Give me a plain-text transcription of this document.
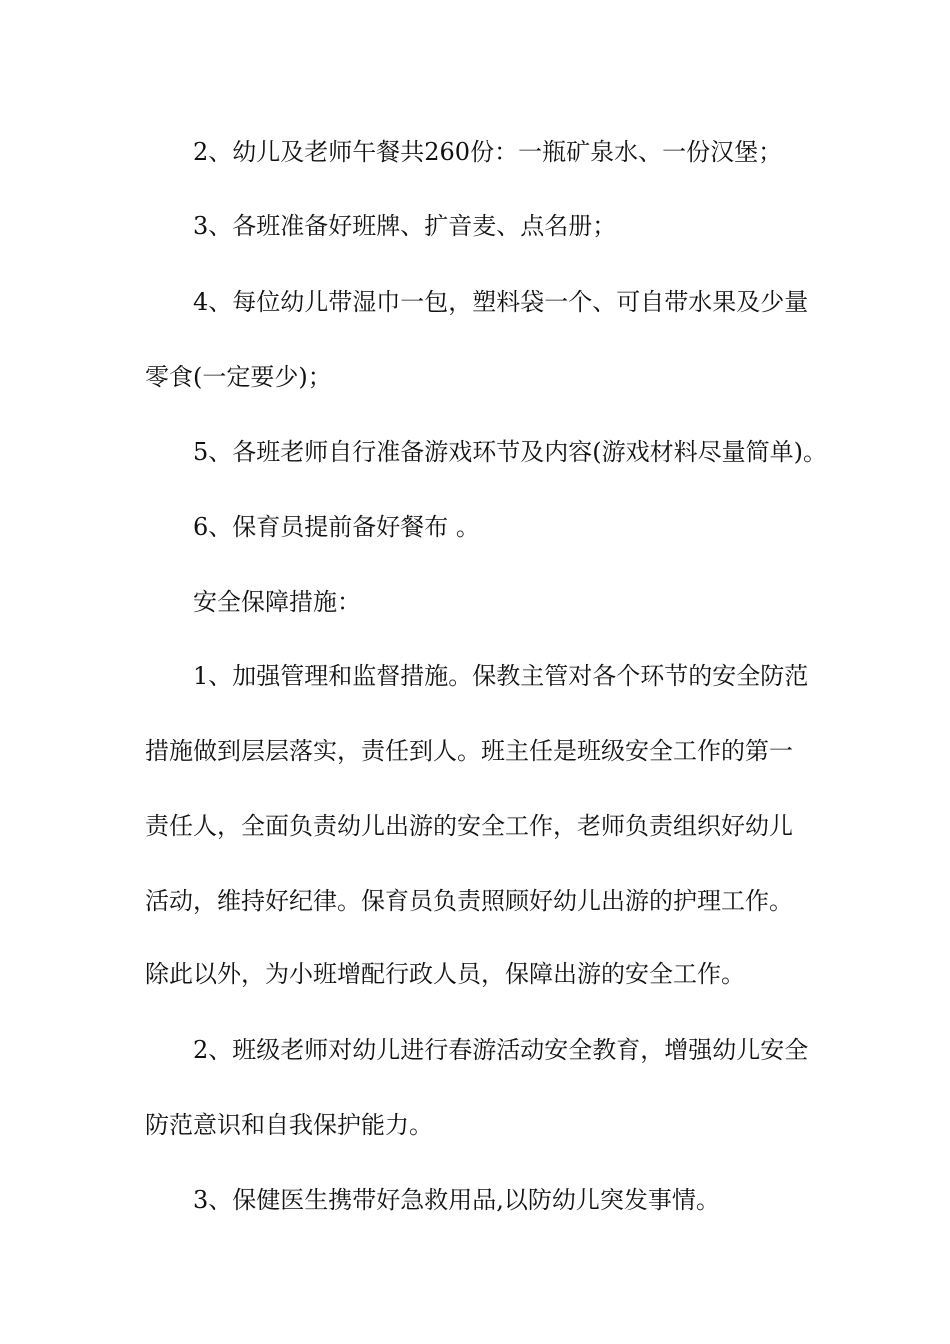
2、幼儿及老师午餐共260份：一瓶矿泉水、一份汉堡；
3、各班准备好班牌、扩音麦、点名册；
4、每位幼儿带湿巾一包，塑料袋一个、可自带水果及少量
零食(一定要少)；
5、各班老师自行准备游戏环节及内容(游戏材料尽量简单)。
6、保育员提前备好餐布 。
安全保障措施：
1、加强管理和监督措施。保教主管对各个环节的安全防范
措施做到层层落实，责任到人。班主任是班级安全工作的第一
责任人，全面负责幼儿出游的安全工作，老师负责组织好幼儿
活动，维持好纪律。保育员负责照顾好幼儿出游的护理工作。
除此以外，为小班增配行政人员，保障出游的安全工作。
2、班级老师对幼儿进行春游活动安全教育，增强幼儿安全
防范意识和自我保护能力。
3、保健医生携带好急救用品,以防幼儿突发事情。
